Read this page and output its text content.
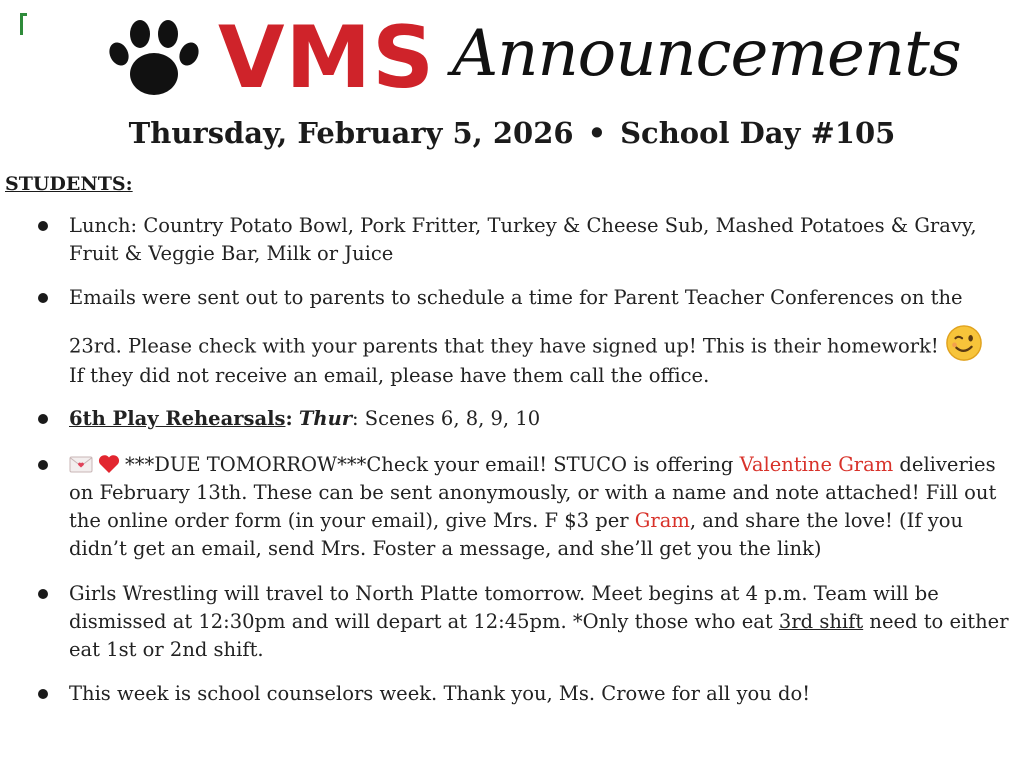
VMS Announcements
Thursday, February 5, 2026 • School Day #105
STUDENTS:
Lunch: Country Potato Bowl, Pork Fritter, Turkey & Cheese Sub, Mashed Potatoes & Gravy, Fruit & Veggie Bar, Milk or Juice
Emails were sent out to parents to schedule a time for Parent Teacher Conferences on the
23rd. Please check with your parents that they have signed up! This is their homework!
If they did not receive an email, please have them call the office.
6th Play Rehearsals: Thur: Scenes 6, 8, 9, 10
***DUE TOMORROW***Check your email! STUCO is offering Valentine Gram deliveries on February 13th. These can be sent anonymously, or with a name and note attached! Fill out the online order form (in your email), give Mrs. F $3 per Gram, and share the love! (If you didn’t get an email, send Mrs. Foster a message, and she’ll get you the link)
Girls Wrestling will travel to North Platte tomorrow. Meet begins at 4 p.m. Team will be dismissed at 12:30pm and will depart at 12:45pm. *Only those who eat 3rd shift need to either eat 1st or 2nd shift.
This week is school counselors week. Thank you, Ms. Crowe for all you do!
